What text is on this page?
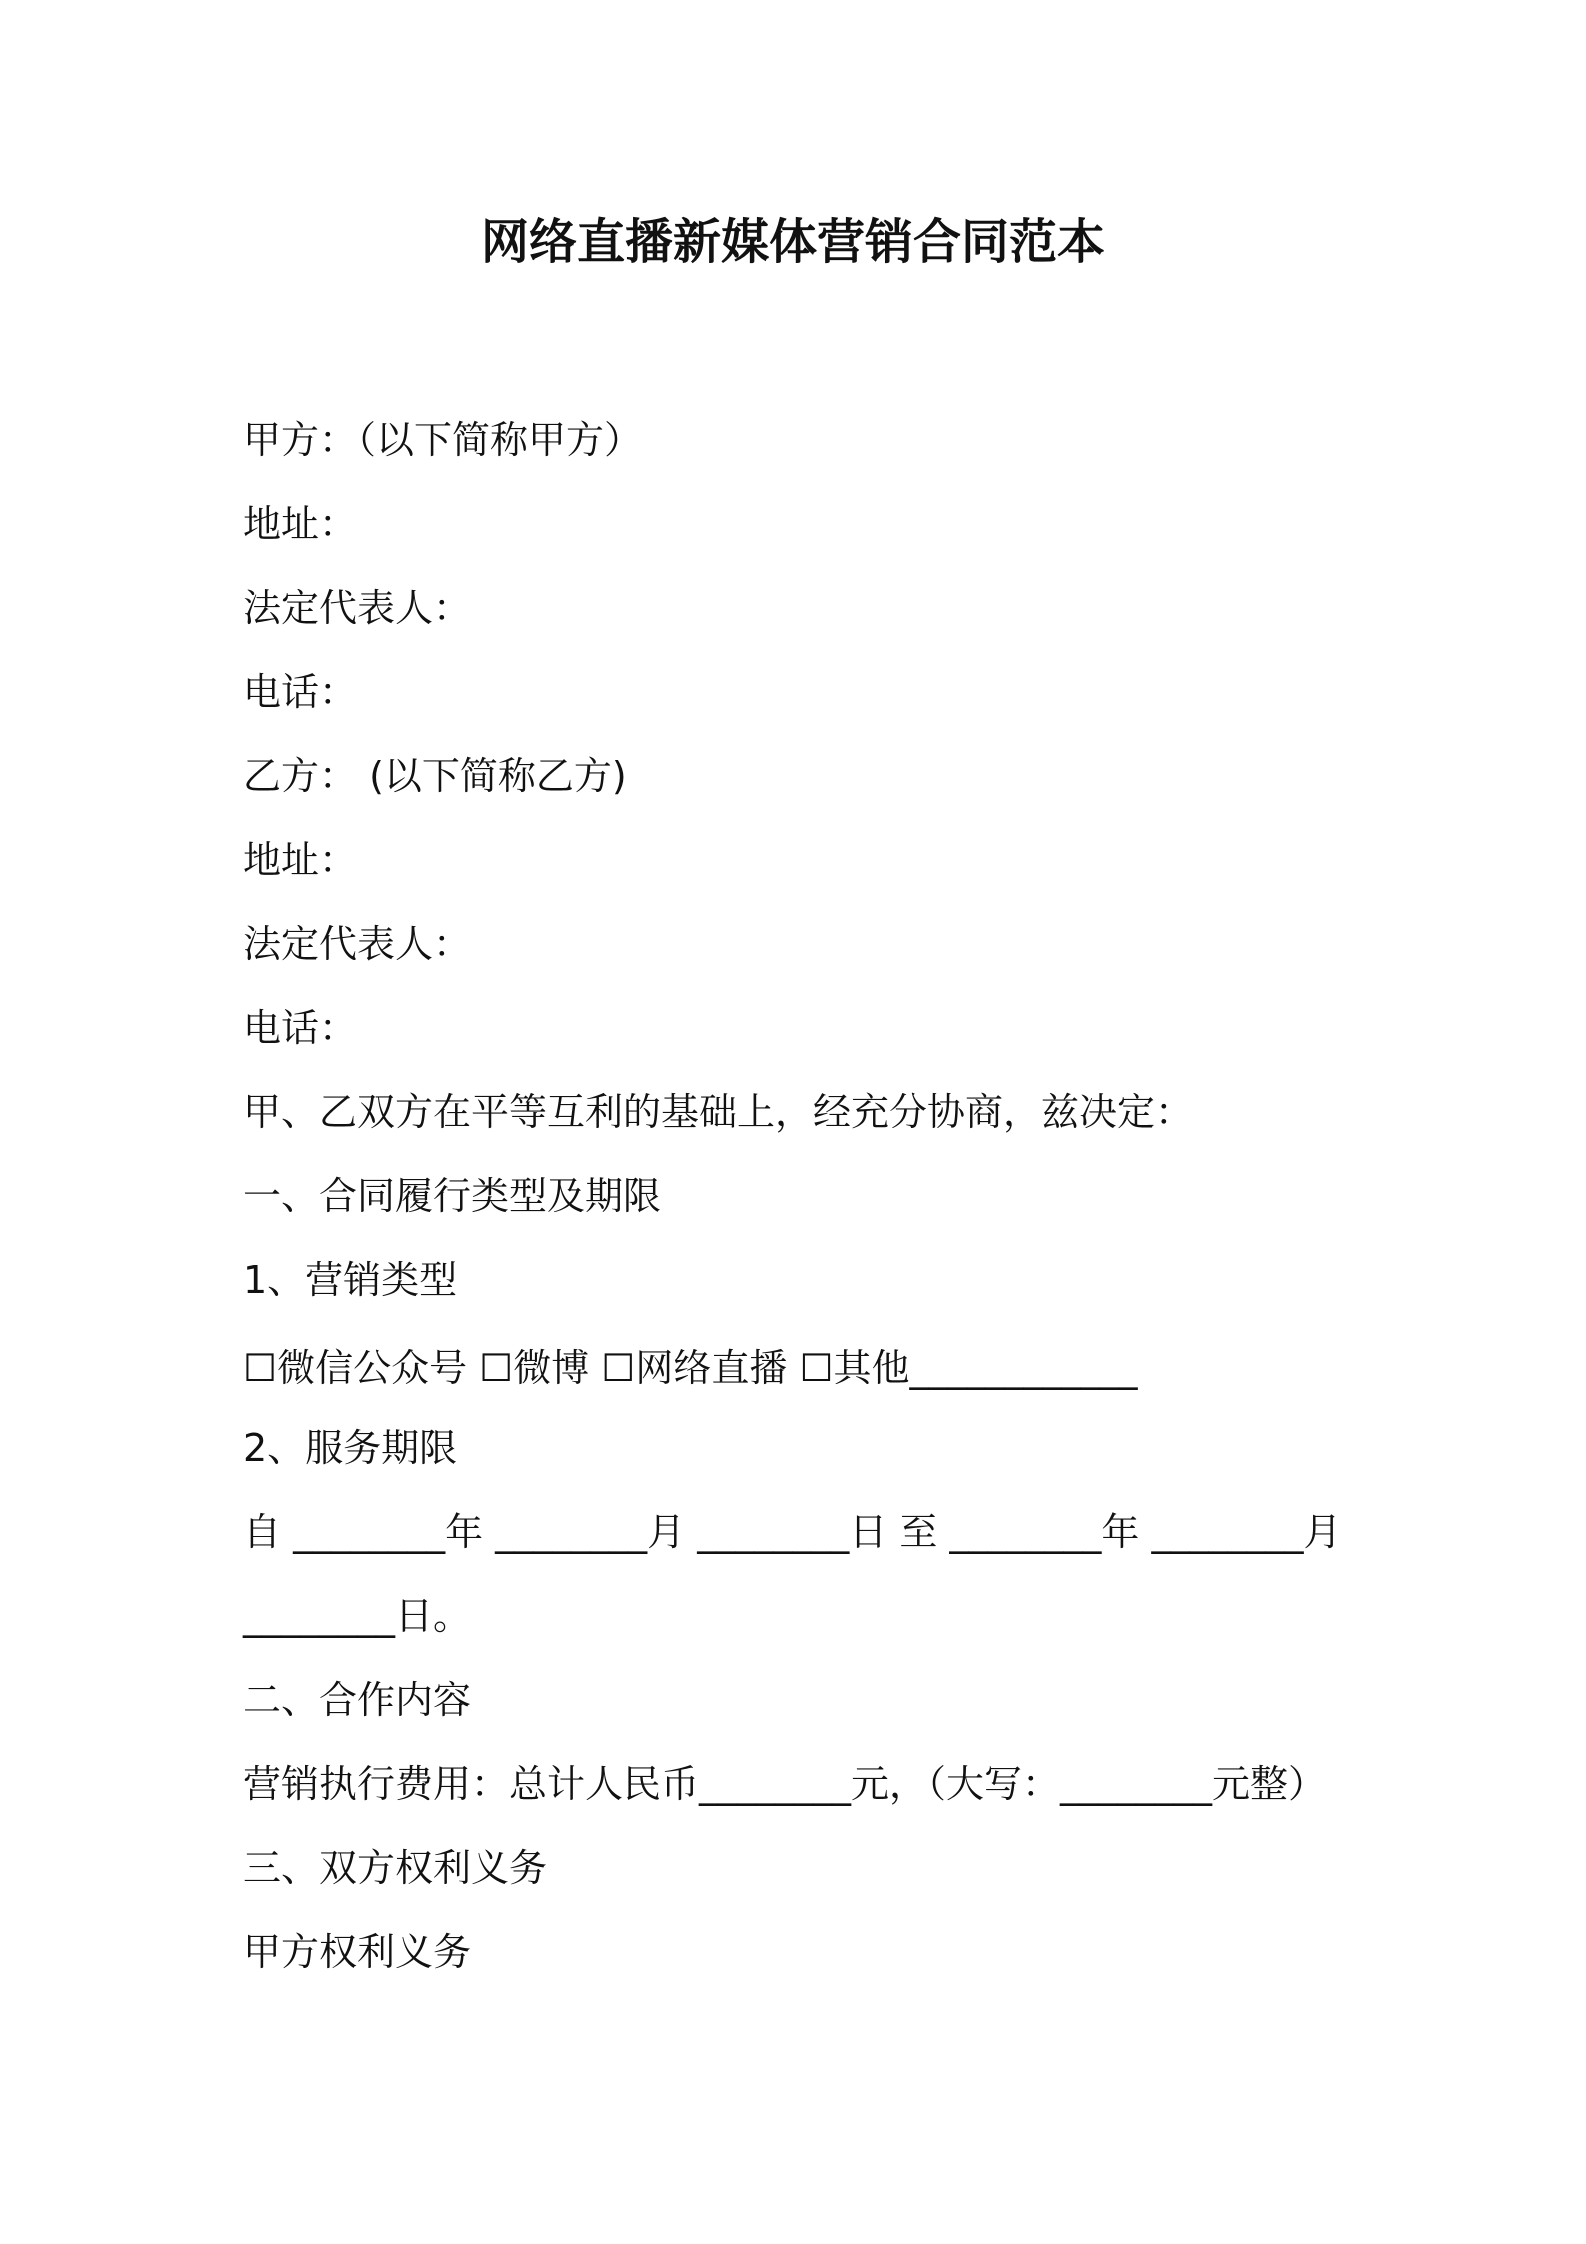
网络直播新媒体营销合同范本
甲方：（以下简称甲方）
地址：
法定代表人：
电话：
乙方： (以下简称乙方)
地址：
法定代表人：
电话：
甲、乙双方在平等互利的基础上，经充分协商，兹决定：
一、合同履行类型及期限
1、营销类型
☐微信公众号 ☐微博 ☐网络直播 ☐其他____________
2、服务期限
自 ________年 ________月 ________日 至 ________年 ________月
________日。
二、合作内容
营销执行费用：总计人民币________元，（大写：________元整）
三、双方权利义务
甲方权利义务
